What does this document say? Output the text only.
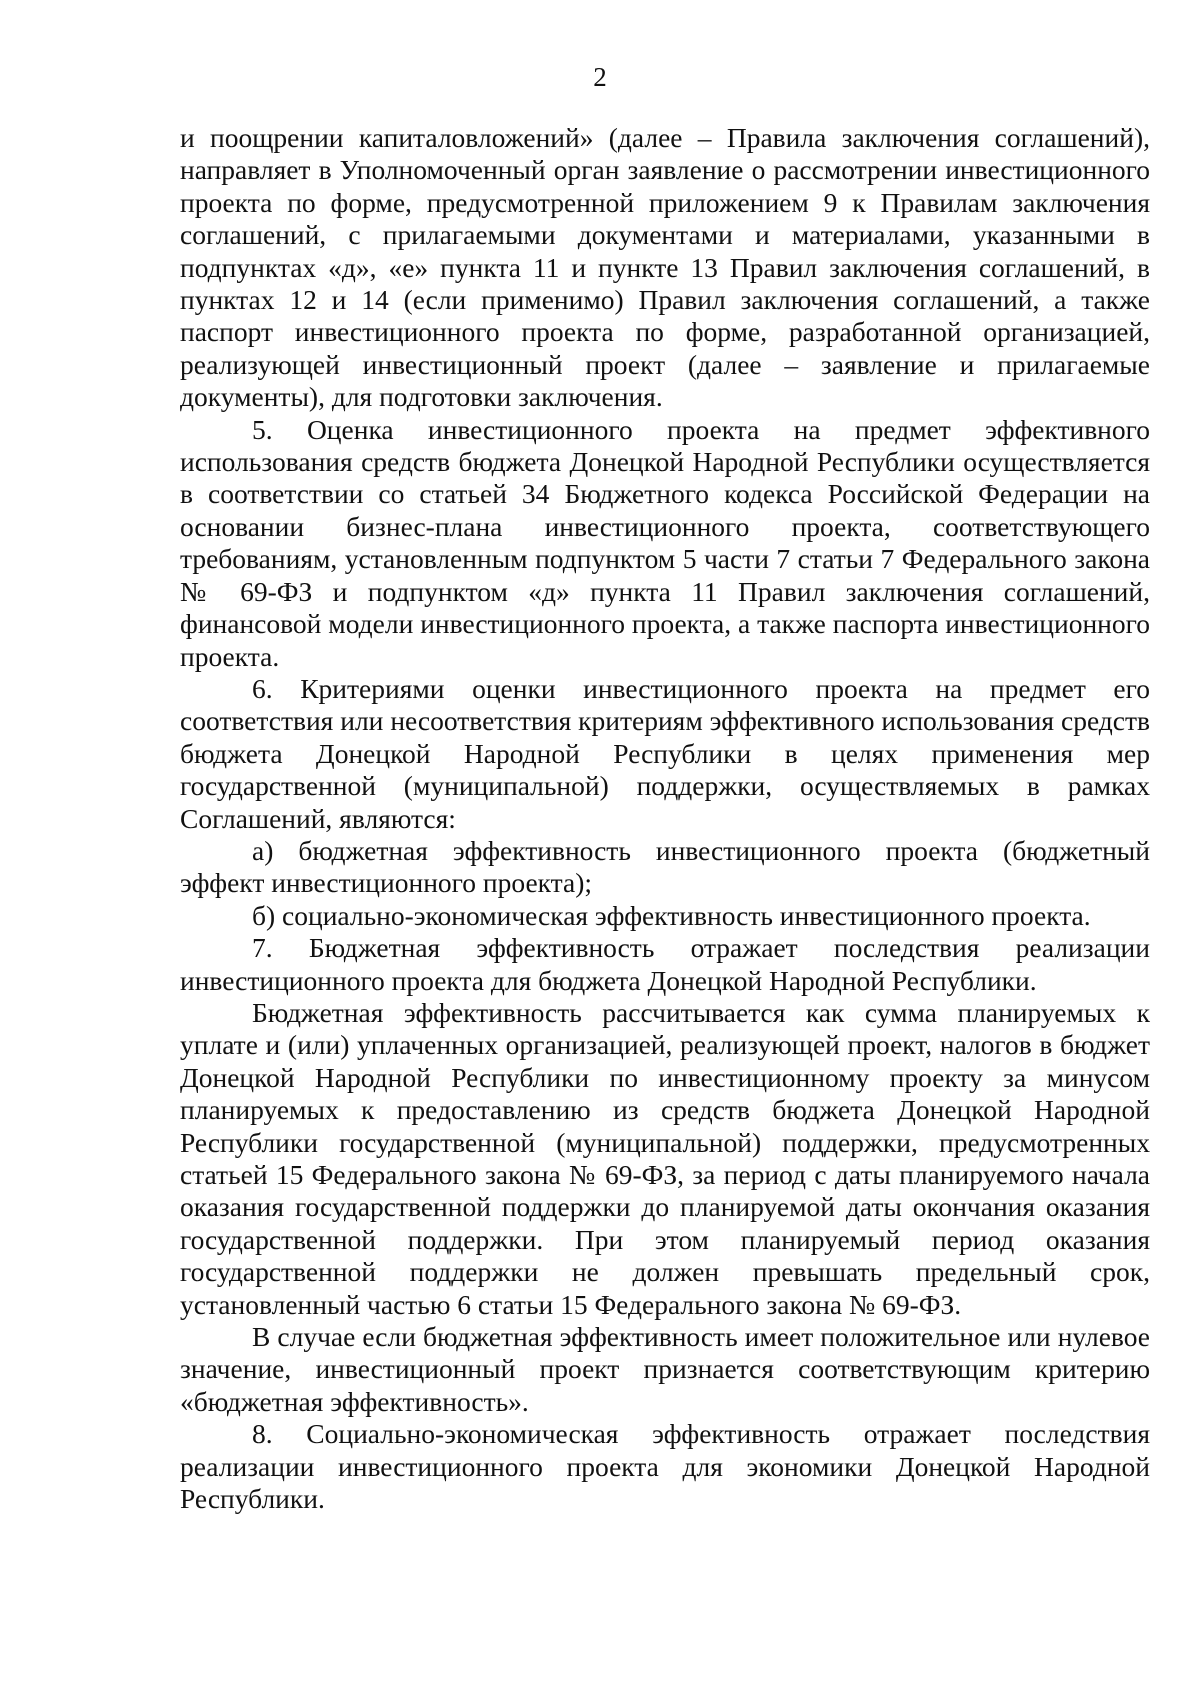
2

и поощрении капиталовложений» (далее – Правила заключения соглашений), направляет в Уполномоченный орган заявление о рассмотрении инвестиционного проекта по форме, предусмотренной приложением 9 к Правилам заключения соглашений, с прилагаемыми документами и материалами, указанными в подпунктах «д», «е» пункта 11 и пункте 13 Правил заключения соглашений, в пунктах 12 и 14 (если применимо) Правил заключения соглашений, а также паспорт инвестиционного проекта по форме, разработанной организацией, реализующей инвестиционный проект (далее – заявление и прилагаемые документы), для подготовки заключения.

5. Оценка инвестиционного проекта на предмет эффективного использования средств бюджета Донецкой Народной Республики осуществляется в соответствии со статьей 34 Бюджетного кодекса Российской Федерации на основании бизнес-плана инвестиционного проекта, соответствующего требованиям, установленным подпунктом 5 части 7 статьи 7 Федерального закона № 69-ФЗ и подпунктом «д» пункта 11 Правил заключения соглашений, финансовой модели инвестиционного проекта, а также паспорта инвестиционного проекта.

6. Критериями оценки инвестиционного проекта на предмет его соответствия или несоответствия критериям эффективного использования средств бюджета Донецкой Народной Республики в целях применения мер государственной (муниципальной) поддержки, осуществляемых в рамках Соглашений, являются:

а) бюджетная эффективность инвестиционного проекта (бюджетный эффект инвестиционного проекта);

б) социально-экономическая эффективность инвестиционного проекта.

7. Бюджетная эффективность отражает последствия реализации инвестиционного проекта для бюджета Донецкой Народной Республики.

Бюджетная эффективность рассчитывается как сумма планируемых к уплате и (или) уплаченных организацией, реализующей проект, налогов в бюджет Донецкой Народной Республики по инвестиционному проекту за минусом планируемых к предоставлению из средств бюджета Донецкой Народной Республики государственной (муниципальной) поддержки, предусмотренных статьей 15 Федерального закона № 69-ФЗ, за период с даты планируемого начала оказания государственной поддержки до планируемой даты окончания оказания государственной поддержки. При этом планируемый период оказания государственной поддержки не должен превышать предельный срок, установленный частью 6 статьи 15 Федерального закона № 69-ФЗ.

В случае если бюджетная эффективность имеет положительное или нулевое значение, инвестиционный проект признается соответствующим критерию «бюджетная эффективность».

8. Социально-экономическая эффективность отражает последствия реализации инвестиционного проекта для экономики Донецкой Народной Республики.
